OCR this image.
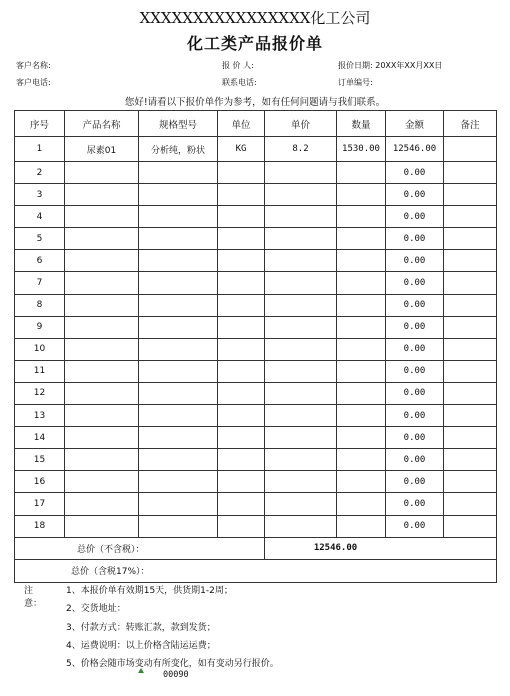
XXXXXXXXXXXXXXXX化工公司
化工类产品报价单
客户名称:	报 价 人:	报价日期: 20XX年XX月XX日
客户电话:	联系电话:	订单编号:
您好!请看以下报价单作为参考，如有任何问题请与我们联系。
序号	产品名称	规格型号	单位	单价	数量	金额	备注
1	尿素01	分析纯，粉状	KG	8.2	1530.00	12546.00	
2						0.00	
3						0.00	
4						0.00	
5						0.00	
6						0.00	
7						0.00	
8						0.00	
9						0.00	
10						0.00	
11						0.00	
12						0.00	
13						0.00	
14						0.00	
15						0.00	
16						0.00	
17						0.00	
18						0.00	
总价（不含税）：				12546.00			
总价（含税17%）：							
注意：
1、本报价单有效期15天，供货期1-2周；
2、交货地址：
3、付款方式：转账汇款，款到发货；
4、运费说明：以上价格含陆运运费；
5、价格会随市场变动有所变化，如有变动另行报价。
00090
